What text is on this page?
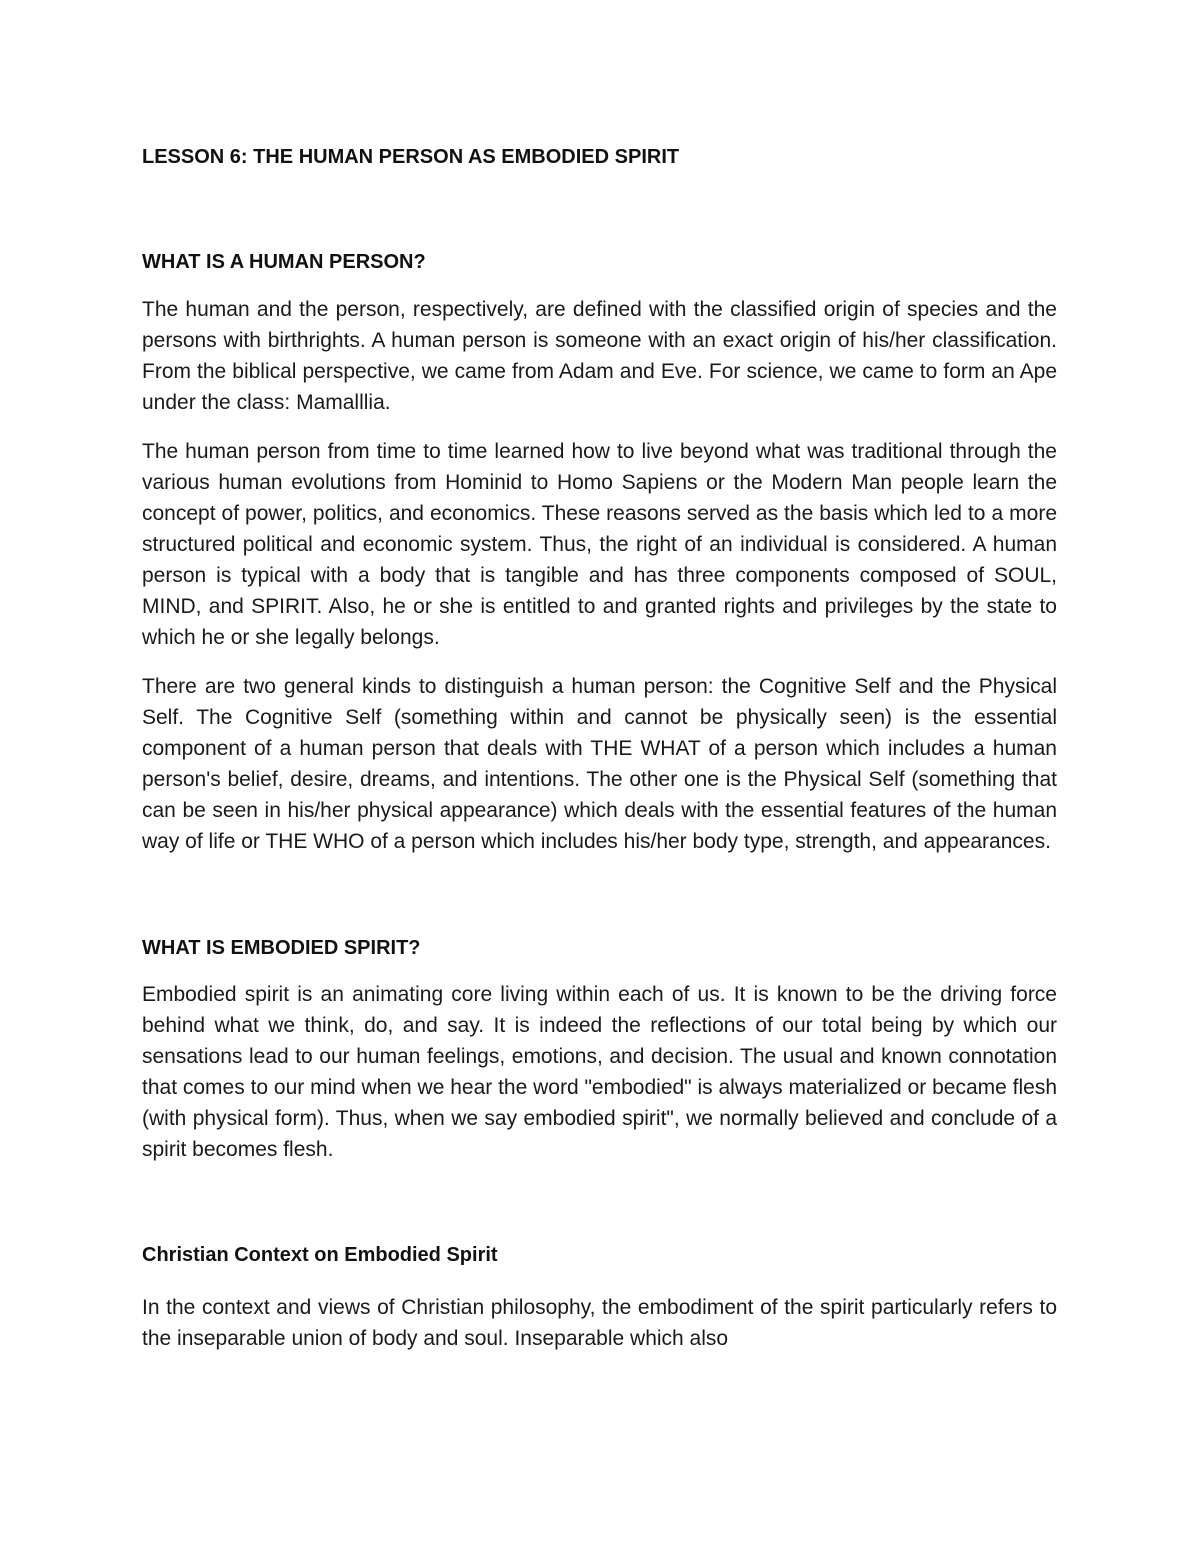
LESSON 6: THE HUMAN PERSON AS EMBODIED SPIRIT
WHAT IS A HUMAN PERSON?

The human and the person, respectively, are defined with the classified origin of species and the persons with birthrights. A human person is someone with an exact origin of his/her classification. From the biblical perspective, we came from Adam and Eve. For science, we came to form an Ape under the class: Mamalllia.

The human person from time to time learned how to live beyond what was traditional through the various human evolutions from Hominid to Homo Sapiens or the Modern Man people learn the concept of power, politics, and economics. These reasons served as the basis which led to a more structured political and economic system. Thus, the right of an individual is considered. A human person is typical with a body that is tangible and has three components composed of SOUL, MIND, and SPIRIT. Also, he or she is entitled to and granted rights and privileges by the state to which he or she legally belongs.

There are two general kinds to distinguish a human person: the Cognitive Self and the Physical Self. The Cognitive Self (something within and cannot be physically seen) is the essential component of a human person that deals with THE WHAT of a person which includes a human person's belief, desire, dreams, and intentions. The other one is the Physical Self (something that can be seen in his/her physical appearance) which deals with the essential features of the human way of life or THE WHO of a person which includes his/her body type, strength, and appearances.

WHAT IS EMBODIED SPIRIT?

Embodied spirit is an animating core living within each of us. It is known to be the driving force behind what we think, do, and say. It is indeed the reflections of our total being by which our sensations lead to our human feelings, emotions, and decision. The usual and known connotation that comes to our mind when we hear the word "embodied" is always materialized or became flesh (with physical form). Thus, when we say embodied spirit", we normally believed and conclude of a spirit becomes flesh.

Christian Context on Embodied Spirit

In the context and views of Christian philosophy, the embodiment of the spirit particularly refers to the inseparable union of body and soul. Inseparable which also
